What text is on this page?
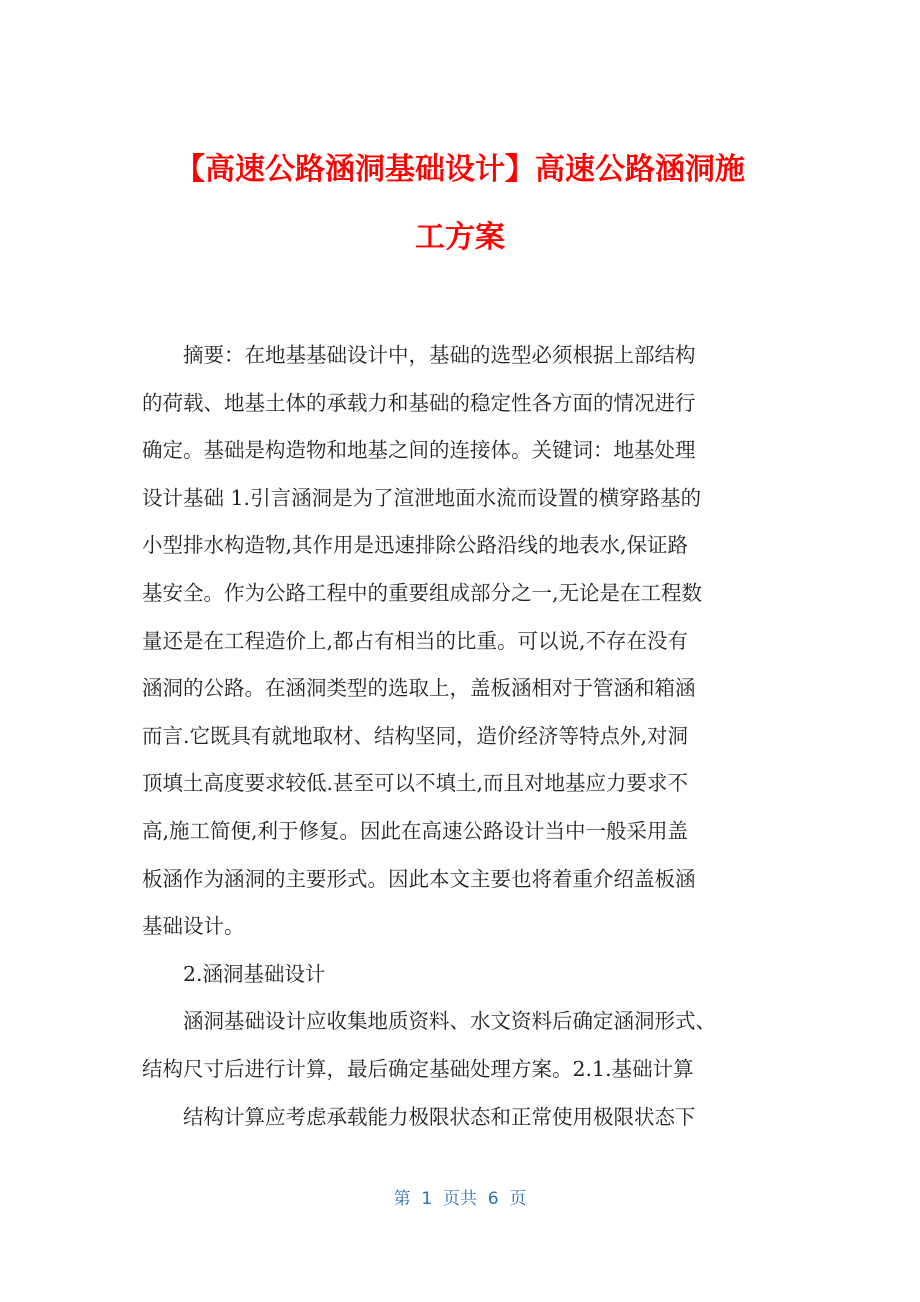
【高速公路涵洞基础设计】高速公路涵洞施
工方案

摘要：在地基基础设计中，基础的选型必须根据上部结构
的荷载、地基土体的承载力和基础的稳定性各方面的情况进行
确定。基础是构造物和地基之间的连接体。关键词：地基处理
设计基础 1.引言涵洞是为了渲泄地面水流而设置的横穿路基的
小型排水构造物,其作用是迅速排除公路沿线的地表水,保证路
基安全。作为公路工程中的重要组成部分之一,无论是在工程数
量还是在工程造价上,都占有相当的比重。可以说,不存在没有
涵洞的公路。在涵洞类型的选取上，盖板涵相对于管涵和箱涵
而言.它既具有就地取材、结构坚同，造价经济等特点外,对洞
顶填土高度要求较低.甚至可以不填土,而且对地基应力要求不
高,施工简便,利于修复。因此在高速公路设计当中一般采用盖
板涵作为涵洞的主要形式。因此本文主要也将着重介绍盖板涵
基础设计。

2.涵洞基础设计

涵洞基础设计应收集地质资料、水文资料后确定涵洞形式、
结构尺寸后进行计算，最后确定基础处理方案。2.1.基础计算

结构计算应考虑承载能力极限状态和正常使用极限状态下

第  1  页共  6  页
